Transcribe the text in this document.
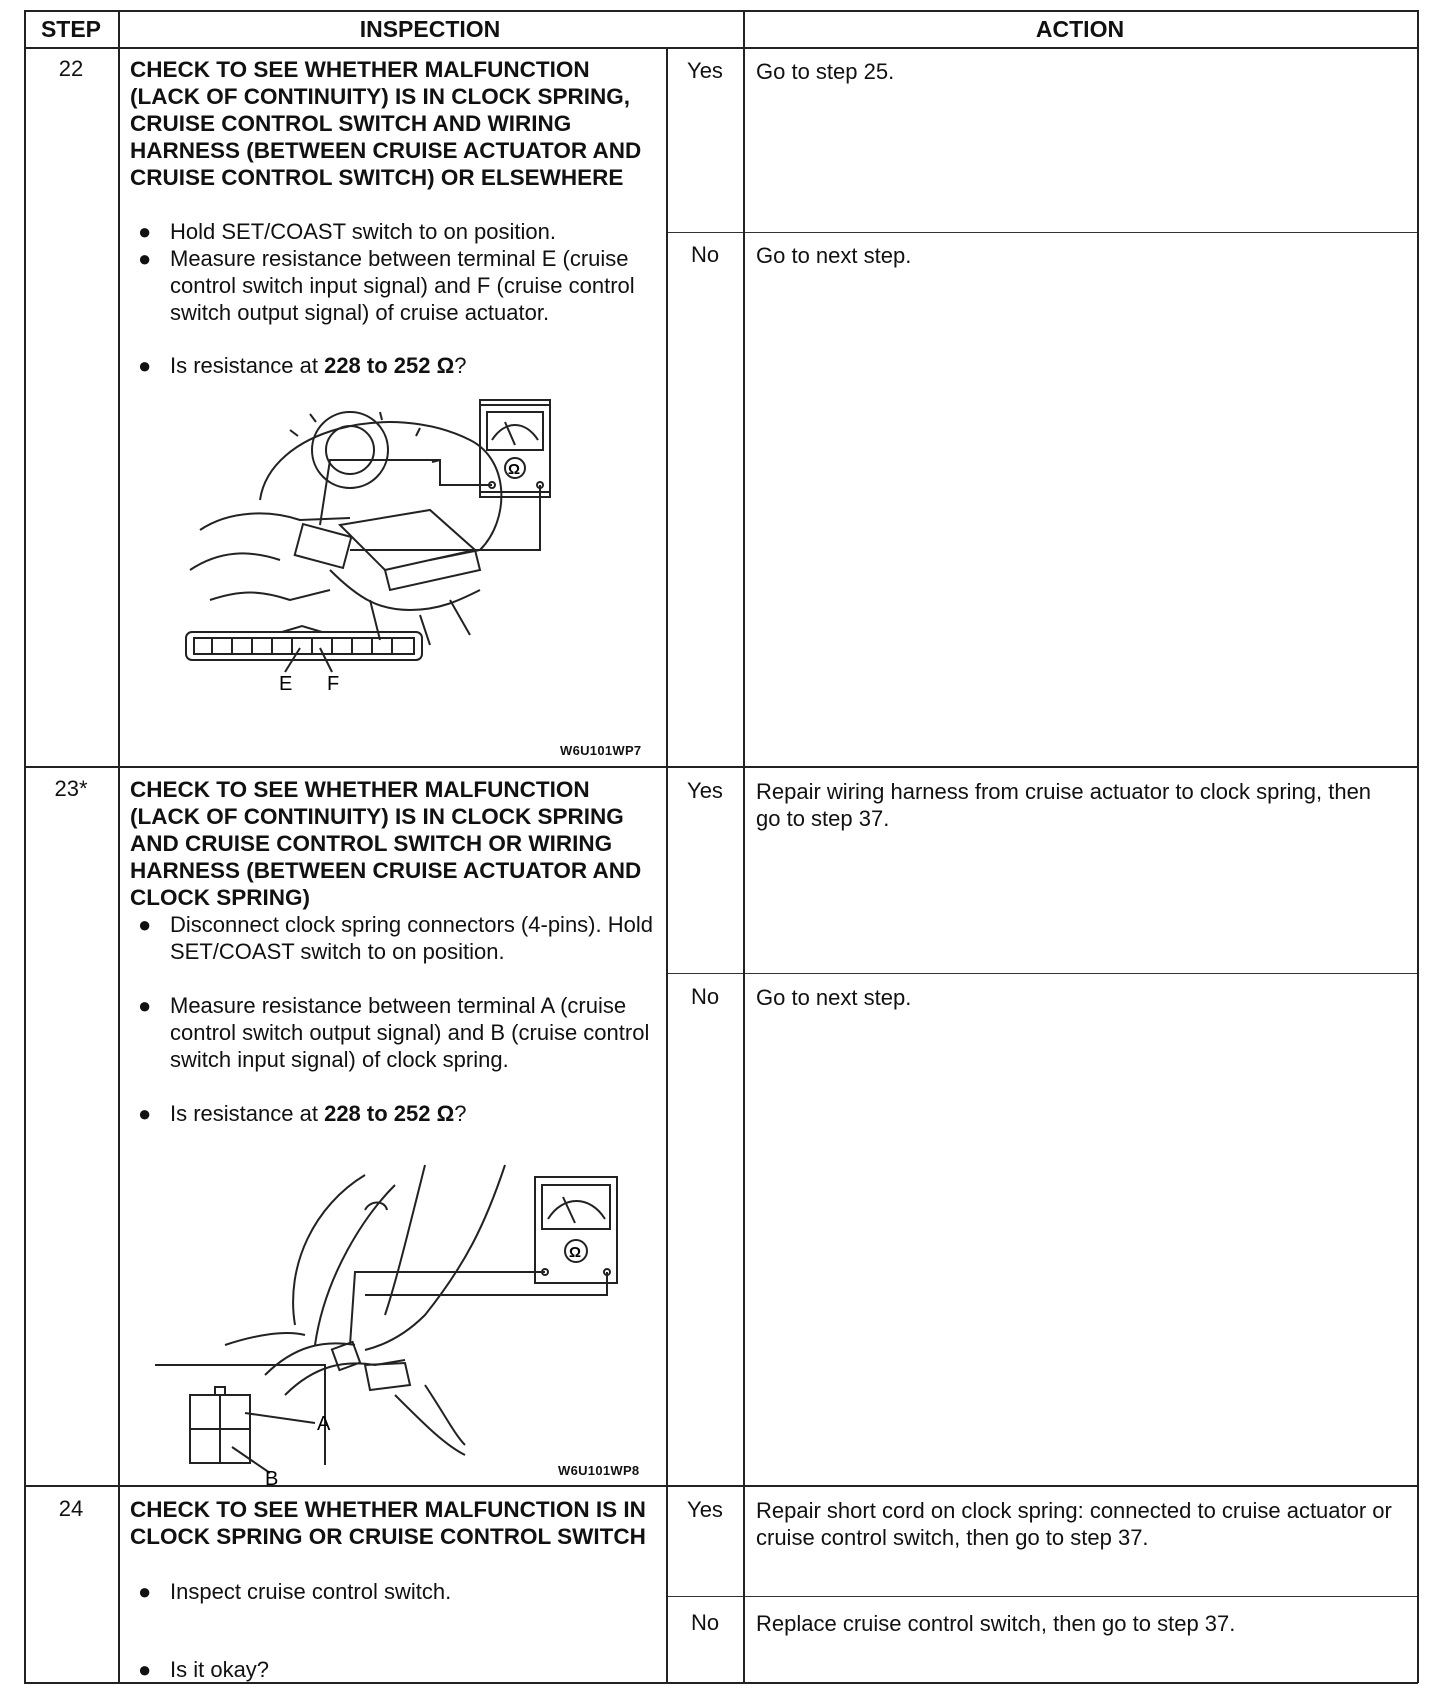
STEP	INSPECTION	ACTION
22	CHECK TO SEE WHETHER MALFUNCTION (LACK OF CONTINUITY) IS IN CLOCK SPRING, CRUISE CONTROL SWITCH AND WIRING HARNESS (BETWEEN CRUISE ACTUATOR AND CRUISE CONTROL SWITCH) OR ELSEWHERE
● Hold SET/COAST switch to on position.
● Measure resistance between terminal E (cruise control switch input signal) and F (cruise control switch output signal) of cruise actuator.
● Is resistance at 228 to 252 Ω?
E F
Ω
W6U101WP7
Yes	Go to step 25.
No	Go to next step.
23*	CHECK TO SEE WHETHER MALFUNCTION (LACK OF CONTINUITY) IS IN CLOCK SPRING AND CRUISE CONTROL SWITCH OR WIRING HARNESS (BETWEEN CRUISE ACTUATOR AND CLOCK SPRING)
● Disconnect clock spring connectors (4-pins). Hold SET/COAST switch to on position.
● Measure resistance between terminal A (cruise control switch output signal) and B (cruise control switch input signal) of clock spring.
● Is resistance at 228 to 252 Ω?
A
B
Ω
W6U101WP8
Yes	Repair wiring harness from cruise actuator to clock spring, then go to step 37.
No	Go to next step.
24	CHECK TO SEE WHETHER MALFUNCTION IS IN CLOCK SPRING OR CRUISE CONTROL SWITCH
● Inspect cruise control switch.
● Is it okay?
Yes	Repair short cord on clock spring: connected to cruise actuator or cruise control switch, then go to step 37.
No	Replace cruise control switch, then go to step 37.
